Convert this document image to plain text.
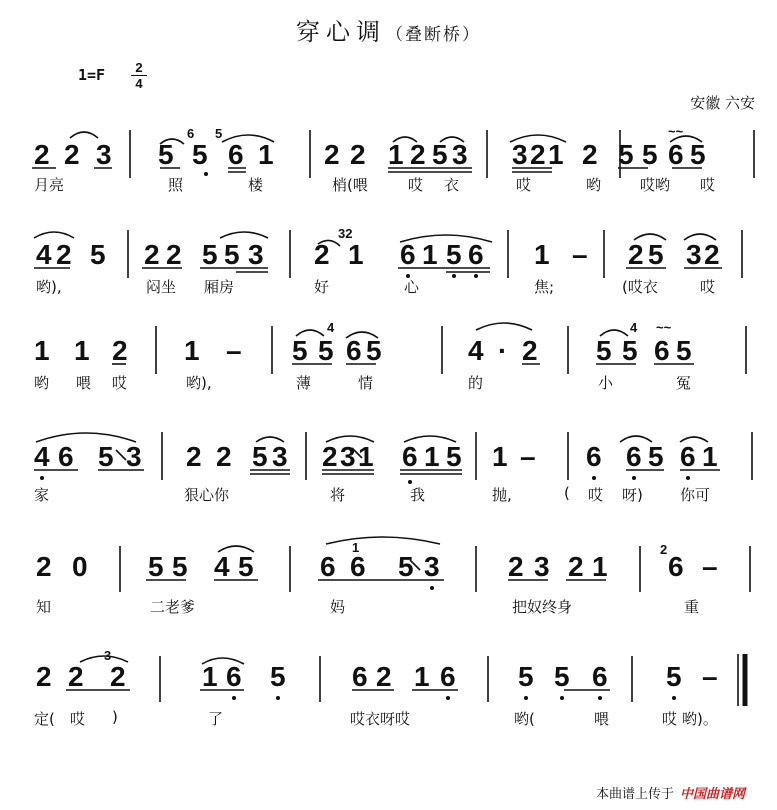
穿心调（叠断桥）
$1=F \frac{2}{4}$
安徽 六安
2 2 3 5 5 6 1
6 5
2 2 1 2 5 3 3 2 1 2 5 5 6 5
~~
月亮	照	楼	梢(喂	哎 衣	哎	哟	哎哟 哎
4 2 5 2 2 5 5 3 2
32
1 6 1 5 6 1 – 2 5 3 2
哟),	闷坐 厢房	好	心	焦;	(哎衣	哎
1 1 2 1 – 5
4
5 6 5	4 · 2 5
4
5 6 5
~~
哟 喂 哎	哟),	薄	情	的	小	冤
4 6 5 3 2 2 5 3 2 3 1 6 1 5 1 – 6 6 5 6 1
家	狠心你	将	我	抛,	( 哎 呀) 你可
2 0 5 5 4 5 6
1
6 5 3 2 3 2 1
2
6 –
知	二老爹	妈	把奴终身	重
2 2
3
2	1 6 5 6 2 1 6 5 5 6 5 –
定( 哎 )	了	哎衣呀哎	哟(	喂	哎 哟)。
本曲谱上传于 中国曲谱网
